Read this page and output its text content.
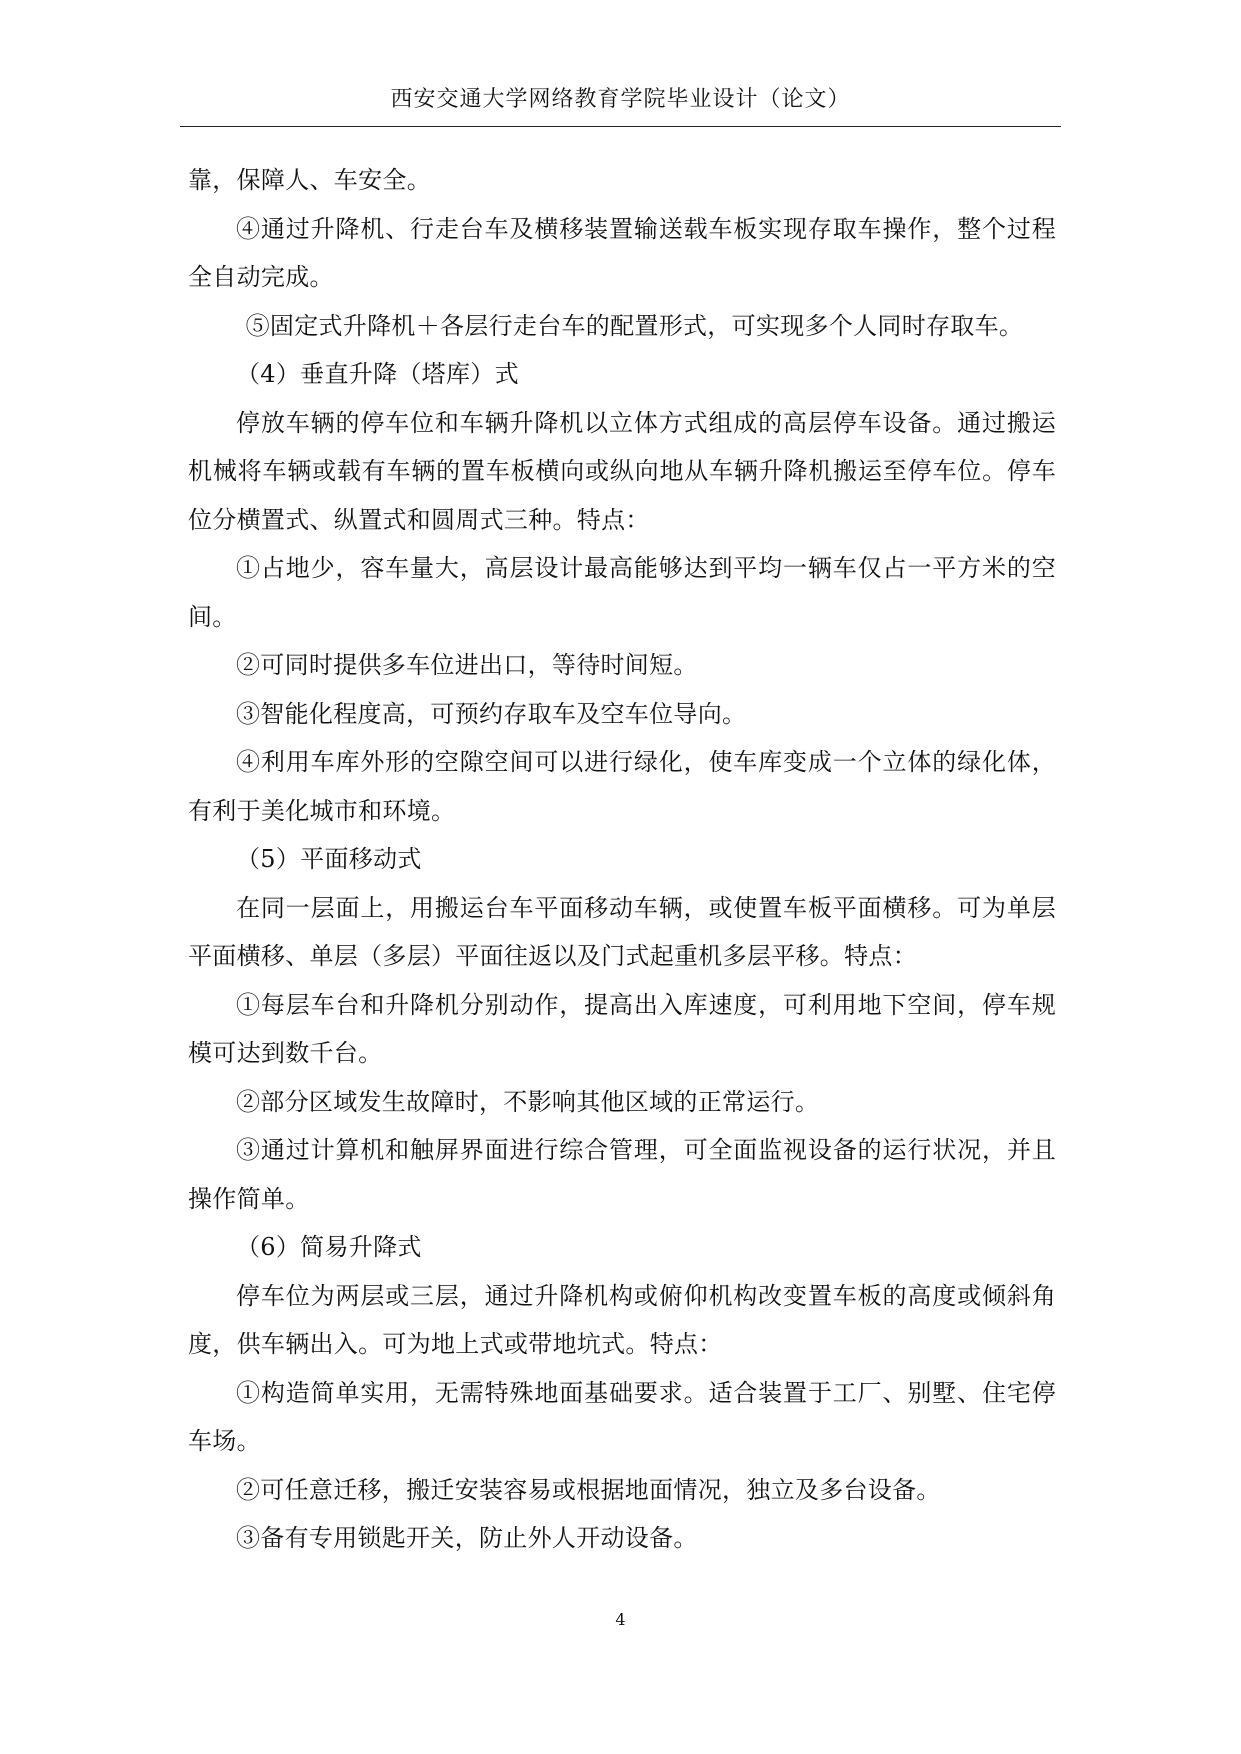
西安交通大学网络教育学院毕业设计（论文）

靠，保障人、车安全。

④通过升降机、行走台车及横移装置输送载车板实现存取车操作，整个过程全自动完成。

⑤固定式升降机＋各层行走台车的配置形式，可实现多个人同时存取车。

（4）垂直升降（塔库）式

停放车辆的停车位和车辆升降机以立体方式组成的高层停车设备。通过搬运机械将车辆或载有车辆的置车板横向或纵向地从车辆升降机搬运至停车位。停车位分横置式、纵置式和圆周式三种。特点：

①占地少，容车量大，高层设计最高能够达到平均一辆车仅占一平方米的空间。

②可同时提供多车位进出口，等待时间短。

③智能化程度高，可预约存取车及空车位导向。

④利用车库外形的空隙空间可以进行绿化，使车库变成一个立体的绿化体，有利于美化城市和环境。

（5）平面移动式

在同一层面上，用搬运台车平面移动车辆，或使置车板平面横移。可为单层平面横移、单层（多层）平面往返以及门式起重机多层平移。特点：

①每层车台和升降机分别动作，提高出入库速度，可利用地下空间，停车规模可达到数千台。

②部分区域发生故障时，不影响其他区域的正常运行。

③通过计算机和触屏界面进行综合管理，可全面监视设备的运行状况，并且操作简单。

（6）简易升降式

停车位为两层或三层，通过升降机构或俯仰机构改变置车板的高度或倾斜角度，供车辆出入。可为地上式或带地坑式。特点：

①构造简单实用，无需特殊地面基础要求。适合装置于工厂、别墅、住宅停车场。

②可任意迁移，搬迁安装容易或根据地面情况，独立及多台设备。

③备有专用锁匙开关，防止外人开动设备。

4
